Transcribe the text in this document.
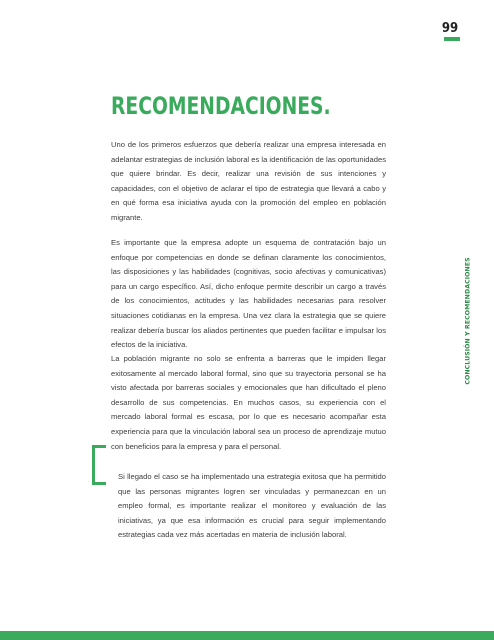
99
RECOMENDACIONES.

Uno de los primeros esfuerzos que debería realizar una empresa interesada en adelantar estrategias de inclusión laboral es la identificación de las oportunidades que quiere brindar. Es decir, realizar una revisión de sus intenciones y capacidades, con el objetivo de aclarar el tipo de estrategia que llevará a cabo y en qué forma esa iniciativa ayuda con la promoción del empleo en población migrante.

Es importante que la empresa adopte un esquema de contratación bajo un enfoque por competencias en donde se definan claramente los conocimientos, las disposiciones y las habilidades (cognitivas, socio afectivas y comunicativas) para un cargo específico. Así, dicho enfoque permite describir un cargo a través de los conocimientos, actitudes y las habilidades necesarias para resolver situaciones cotidianas en la empresa. Una vez clara la estrategia que se quiere realizar debería buscar los aliados pertinentes que pueden facilitar e impulsar los efectos de la iniciativa.

La población migrante no solo se enfrenta a barreras que le impiden llegar exitosamente al mercado laboral formal, sino que su trayectoria personal se ha visto afectada por barreras sociales y emocionales que han dificultado el pleno desarrollo de sus competencias. En muchos casos, su experiencia con el mercado laboral formal es escasa, por lo que es necesario acompañar esta experiencia para que la vinculación laboral sea un proceso de aprendizaje mutuo con beneficios para la empresa y para el personal.

Si llegado el caso se ha implementado una estrategia exitosa que ha permitido que las personas migrantes logren ser vinculadas y permanezcan en un empleo formal, es importante realizar el monitoreo y evaluación de las iniciativas, ya que esa información es crucial para seguir implementando estrategias cada vez más acertadas en materia de inclusión laboral.

CONCLUSIÓN Y RECOMENDACIONES
